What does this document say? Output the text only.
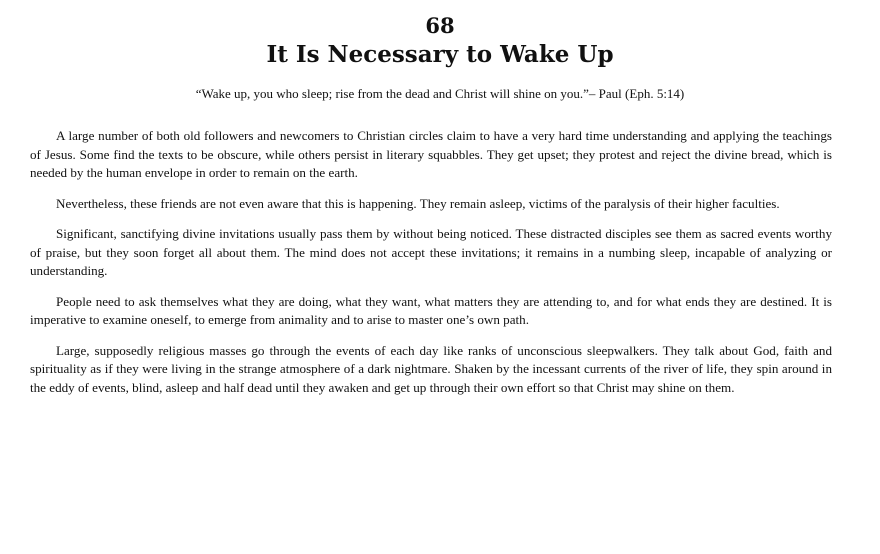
68
It Is Necessary to Wake Up
“Wake up, you who sleep; rise from the dead and Christ will shine on you.”– Paul (Eph. 5:14)

A large number of both old followers and newcomers to Christian circles claim to have a very hard time understanding and applying the teachings of Jesus. Some find the texts to be obscure, while others persist in literary squabbles. They get upset; they protest and reject the divine bread, which is needed by the human envelope in order to remain on the earth.

Nevertheless, these friends are not even aware that this is happening. They remain asleep, victims of the paralysis of their higher faculties.

Significant, sanctifying divine invitations usually pass them by without being noticed. These distracted disciples see them as sacred events worthy of praise, but they soon forget all about them. The mind does not accept these invitations; it remains in a numbing sleep, incapable of analyzing or understanding.

People need to ask themselves what they are doing, what they want, what matters they are attending to, and for what ends they are destined. It is imperative to examine oneself, to emerge from animality and to arise to master one’s own path.

Large, supposedly religious masses go through the events of each day like ranks of unconscious sleepwalkers. They talk about God, faith and spirituality as if they were living in the strange atmosphere of a dark nightmare. Shaken by the incessant currents of the river of life, they spin around in the eddy of events, blind, asleep and half dead until they awaken and get up through their own effort so that Christ may shine on them.
